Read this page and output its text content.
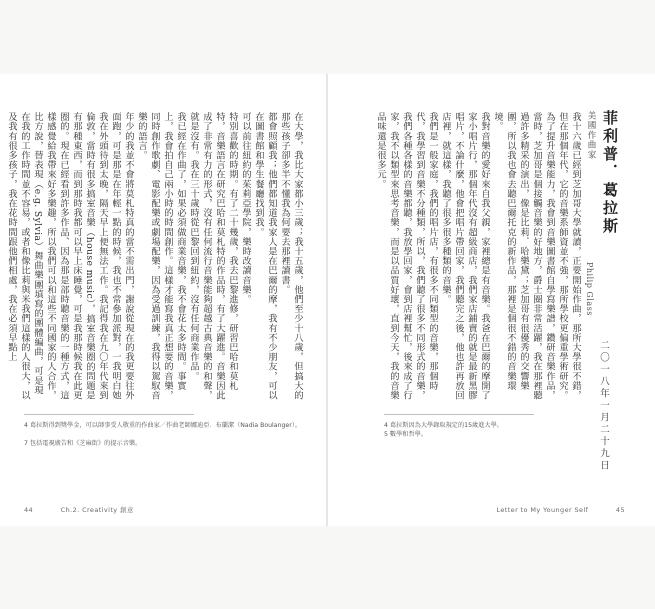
菲利普．葛拉斯
美國作曲家
Philip Glass
二〇一八年一月二十九日
我十六歲已經到芝加哥大學就讀，正要開始作曲，那所大學很不錯，但在那個年代，它的音樂系師資並不強，那所學校更偏重學術研究。為了提升音樂能力，我會到音樂圖書館自學寫樂譜，鑽研音樂作品，當時，芝加哥是個接觸音樂的好地方，爵士圈非常活躍，我在那裡聽過許多精采的演出，像是比莉．哈樂黛；芝加哥有很優秀的交響樂團，所以我也會去聽巴爾托克的新作品，那裡是個很不錯的音樂環境。
我對音樂的愛好來自我父親，家裡總是有音樂。我爸在巴爾的摩開了家小唱片行，那個年代沒有超級商店，我們家店鋪賣的就是最新黑膠唱片，不論什麼，他會把唱片帶回家，我們聽完之後，他也許再放回店裡，就這樣，我聽了很多很多種類的音樂。
我們是一般家庭，我們的唱片店，有很多不同類型的音樂，那個時代，我學習到音樂不分種類，所以，我們聽了很多不同形式的音樂，我們各種各樣的音樂都聽，我放學回家，會到店裡幫忙，後來成了行家，我不以類型來思考音樂，而是以品質好壞，直到今天，我的音樂品味還是很多元。
在大學，我比大家都小三歲；我十五歲，他們至少十八歲，但搞大的那些孩子卻多半不懂我為何要去那裡讀書。
都會照顧我；他們都知道我家人是在巴爾的摩，我有不少朋友，可以在圖書館和學生餐廳找到我。
可以前往紐約的茱莉亞學院，樂時改讀音樂。
特別喜歡的時期。有了二十幾歲，我去巴黎進修，研習巴哈和莫札特，音樂語言在研究巴哈和莫札特的作品時，有了大躍進。音樂因此成了非常有力的形式，沒有任何流行音樂能夠超越古典音樂的和聲，就是沒有。我在三十歲時從巴黎回到紐約，沒有任何商業作品。
我已經在作曲了，如果必須做商業音樂，我不會花太多時間。事實上，我會拍自己兩小時的時間創作。這樣才能寫我真正想要的音樂，同時創作歌劇、電影配樂或劇場配樂，因為受過訓練，我得以駕馭音樂的語言。
年少的我並不會將莫札特真的當不需出門，謝說從現在的我更要往外面跑，可是那是在年輕一點的時候，我也不常參加派對，一我明白她我在外頭待到太晚，隔天早上便無法工作。我記得我在九〇年代來到倫敦，當時有很多搞室音樂（house music），搞室音樂圈的問題是有那種東西，而到那時我都可以早上床睡覺，可是我那時候我在此更圈的。現在已經看到許多作品、因為那是部時聽音樂的一種方式，這樣感覺給我帶來好多樂趣，所以我們可以和這些不同國家的人合作，比方說，替表現（e.g. Sylvia）舞曲樂團填寫的團體編曲，可是現在我的工作時間並不容易，或者和像比莉與米我們這樣的人很大，以及我有很多孩子，我在花時間跟他們相處，我在必須早點上
4 葛拉斯得到獎學金，可以師事受人敬重的作曲家／作曲老師娜迪亞．布蘭潔（Nadia Boulanger）。
7 包括電視廣告和《芝麻街》的提示音樂。
4 葛拉斯因為大學錄取規定的15歲進大學。
5 數學和哲學。
44　　　　Ch.2. Creativity 創意	Letter to My Younger Self　　　　45
